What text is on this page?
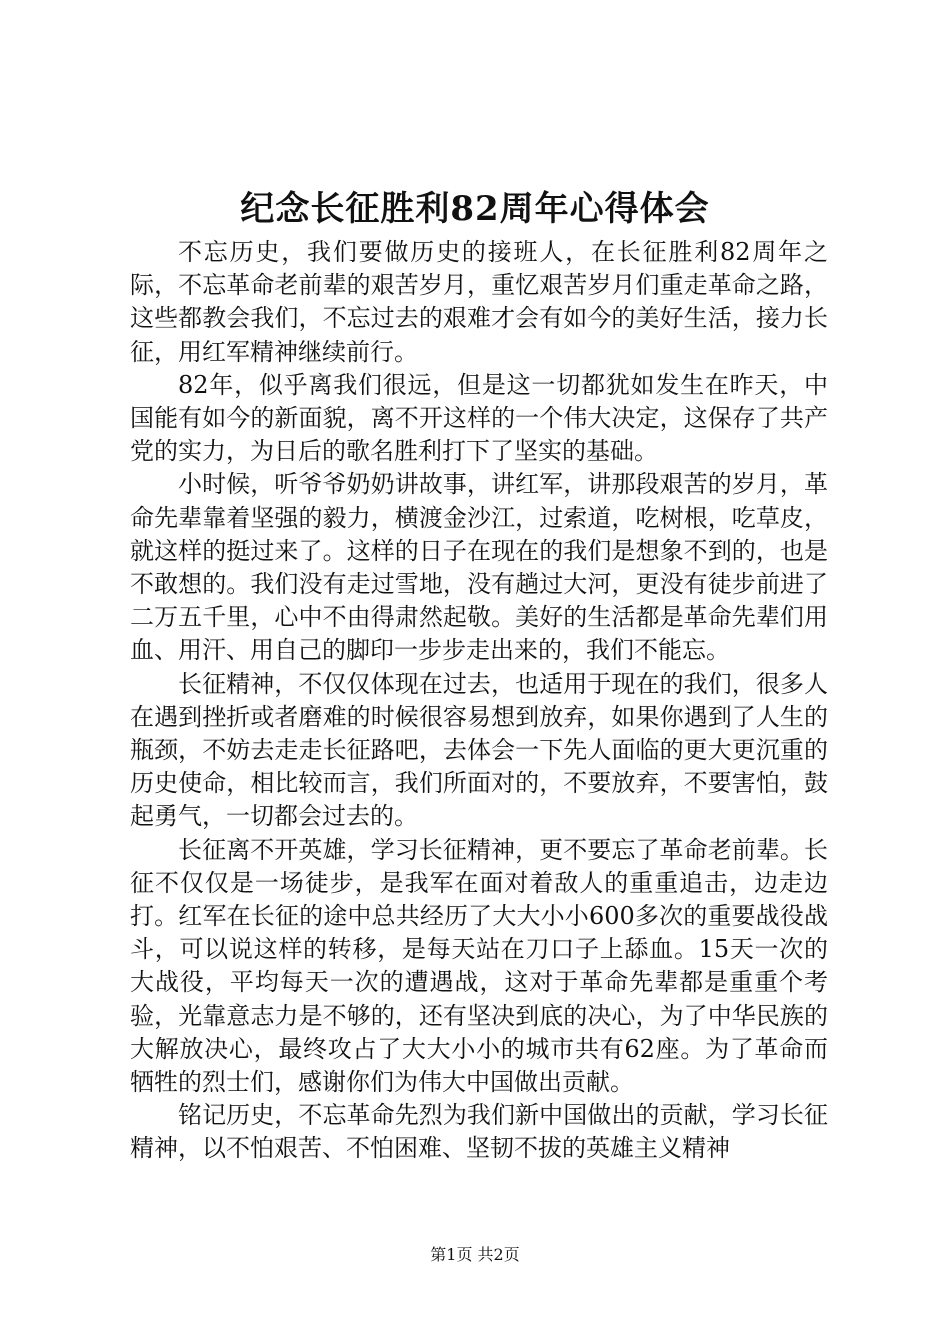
纪念长征胜利82周年心得体会

不忘历史，我们要做历史的接班人，在长征胜利82周年之际，不忘革命老前辈的艰苦岁月，重忆艰苦岁月们重走革命之路，这些都教会我们，不忘过去的艰难才会有如今的美好生活，接力长征，用红军精神继续前行。

82年，似乎离我们很远，但是这一切都犹如发生在昨天，中国能有如今的新面貌，离不开这样的一个伟大决定，这保存了共产党的实力，为日后的歌名胜利打下了坚实的基础。

小时候，听爷爷奶奶讲故事，讲红军，讲那段艰苦的岁月，革命先辈靠着坚强的毅力，横渡金沙江，过索道，吃树根，吃草皮，就这样的挺过来了。这样的日子在现在的我们是想象不到的，也是不敢想的。我们没有走过雪地，没有趟过大河，更没有徒步前进了二万五千里，心中不由得肃然起敬。美好的生活都是革命先辈们用血、用汗、用自己的脚印一步步走出来的，我们不能忘。

长征精神，不仅仅体现在过去，也适用于现在的我们，很多人在遇到挫折或者磨难的时候很容易想到放弃，如果你遇到了人生的瓶颈，不妨去走走长征路吧，去体会一下先人面临的更大更沉重的历史使命，相比较而言，我们所面对的，不要放弃，不要害怕，鼓起勇气，一切都会过去的。

长征离不开英雄，学习长征精神，更不要忘了革命老前辈。长征不仅仅是一场徒步，是我军在面对着敌人的重重追击，边走边打。红军在长征的途中总共经历了大大小小600多次的重要战役战斗，可以说这样的转移，是每天站在刀口子上舔血。15天一次的大战役，平均每天一次的遭遇战，这对于革命先辈都是重重个考验，光靠意志力是不够的，还有坚决到底的决心，为了中华民族的大解放决心，最终攻占了大大小小的城市共有62座。为了革命而牺牲的烈士们，感谢你们为伟大中国做出贡献。

铭记历史，不忘革命先烈为我们新中国做出的贡献，学习长征精神，以不怕艰苦、不怕困难、坚韧不拔的英雄主义精神

第1页 共2页
